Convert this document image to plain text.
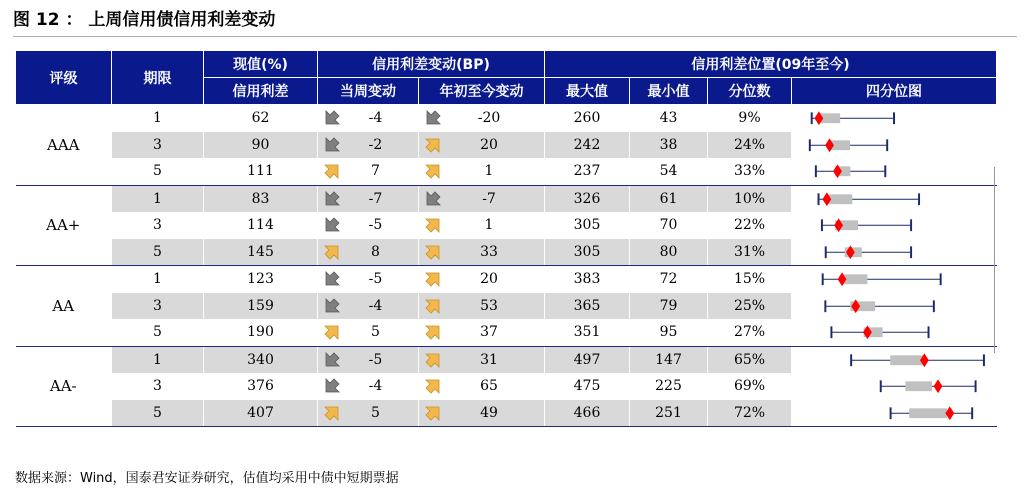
图 12 ： 上周信用债信用利差变动
评级	期限	现值(%)	信用利差变动(BP)		信用利差位置(09年至今)			
		信用利差	当周变动	年初至今变动	最大值	最小值	分位数	四分位图
AAA	1	62	-4	-20	260	43	9%	

	3	90	-2	20	242	38	24%	

	5	111	7	1	237	54	33%	

AA+	1	83	-7	-7	326	61	10%	

	3	114	-5	1	305	70	22%	

	5	145	8	33	305	80	31%	

AA	1	123	-5	20	383	72	15%	

	3	159	-4	53	365	79	25%	

	5	190	5	37	351	95	27%	

AA-	1	340	-5	31	497	147	65%	

	3	376	-4	65	475	225	69%	

	5	407	5	49	466	251	72%	
数据来源：Wind，国泰君安证券研究，估值均采用中债中短期票据
